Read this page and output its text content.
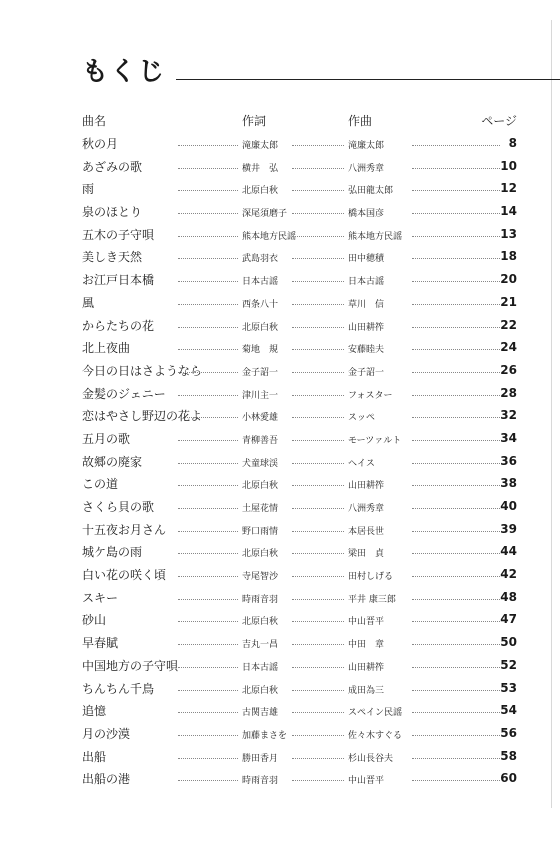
もくじ
曲名	作詞	作曲	ページ
秋の月	滝廉太郎	滝廉太郎	8
あざみの歌	横井　弘	八洲秀章	10
雨	北原白秋	弘田龍太郎	12
泉のほとり	深尾須磨子	橋本国彦	14
五木の子守唄	熊本地方民謡	熊本地方民謡	13
美しき天然	武島羽衣	田中穂積	18
お江戸日本橋	日本古謡	日本古謡	20
風	西条八十	草川　信	21
からたちの花	北原白秋	山田耕筰	22
北上夜曲	菊地　規	安藤睦夫	24
今日の日はさようなら	金子詔一	金子詔一	26
金髪のジェニー	津川主一	フォスター	28
恋はやさし野辺の花よ	小林愛雄	スッペ	32
五月の歌	青柳善吾	モーツァルト	34
故郷の廃家	犬童球渓	ヘイス	36
この道	北原白秋	山田耕筰	38
さくら貝の歌	土屋花情	八洲秀章	40
十五夜お月さん	野口雨情	本居長世	39
城ケ島の雨	北原白秋	梁田　貞	44
白い花の咲く頃	寺尾智沙	田村しげる	42
スキー	時雨音羽	平井 康三郎	48
砂山	北原白秋	中山晋平	47
早春賦	吉丸一昌	中田　章	50
中国地方の子守唄	日本古謡	山田耕筰	52
ちんちん千鳥	北原白秋	成田為三	53
追憶	古関吉雄	スペイン民謡	54
月の沙漠	加藤まさを	佐々木すぐる	56
出船	勝田香月	杉山長谷夫	58
出船の港	時雨音羽	中山晋平	60
